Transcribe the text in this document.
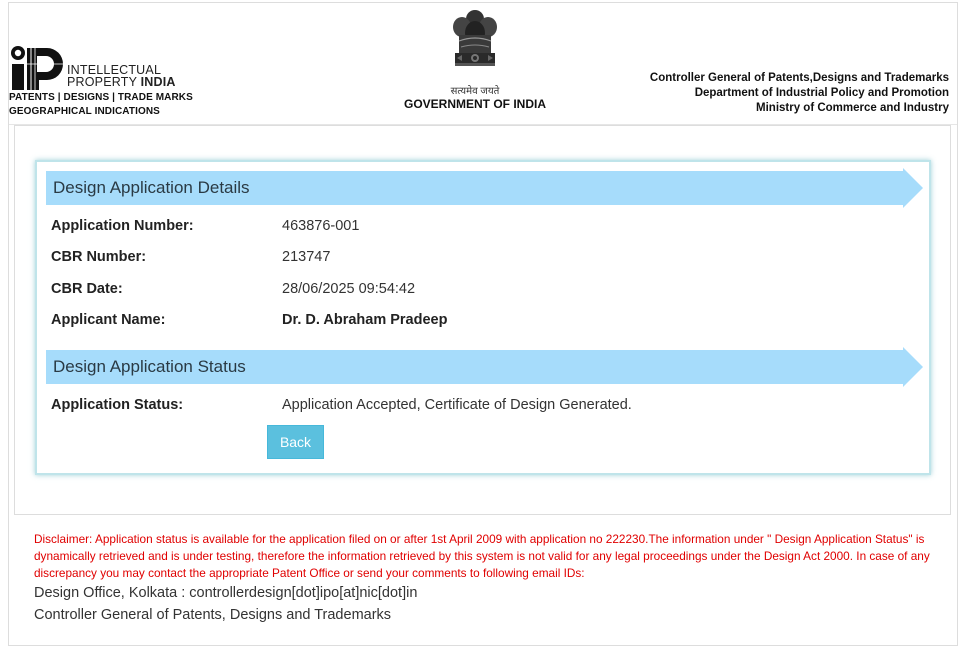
INTELLECTUAL
PROPERTY INDIA
PATENTS | DESIGNS | TRADE MARKS
GEOGRAPHICAL INDICATIONS
सत्यमेव जयते
GOVERNMENT OF INDIA
Controller General of Patents,Designs and Trademarks
Department of Industrial Policy and Promotion
Ministry of Commerce and Industry
Design Application Details
Application Number:	463876-001
CBR Number:	213747
CBR Date:	28/06/2025 09:54:42
Applicant Name:	Dr. D. Abraham Pradeep
Design Application Status
Application Status:	Application Accepted, Certificate of Design Generated.
Back
Disclaimer: Application status is available for the application filed on or after 1st April 2009 with application no 222230.The information under " Design Application Status" is dynamically retrieved and is under testing, therefore the information retrieved by this system is not valid for any legal proceedings under the Design Act 2000. In case of any discrepancy you may contact the appropriate Patent Office or send your comments to following email IDs:
Design Office, Kolkata : controllerdesign[dot]ipo[at]nic[dot]in
Controller General of Patents, Designs and Trademarks
